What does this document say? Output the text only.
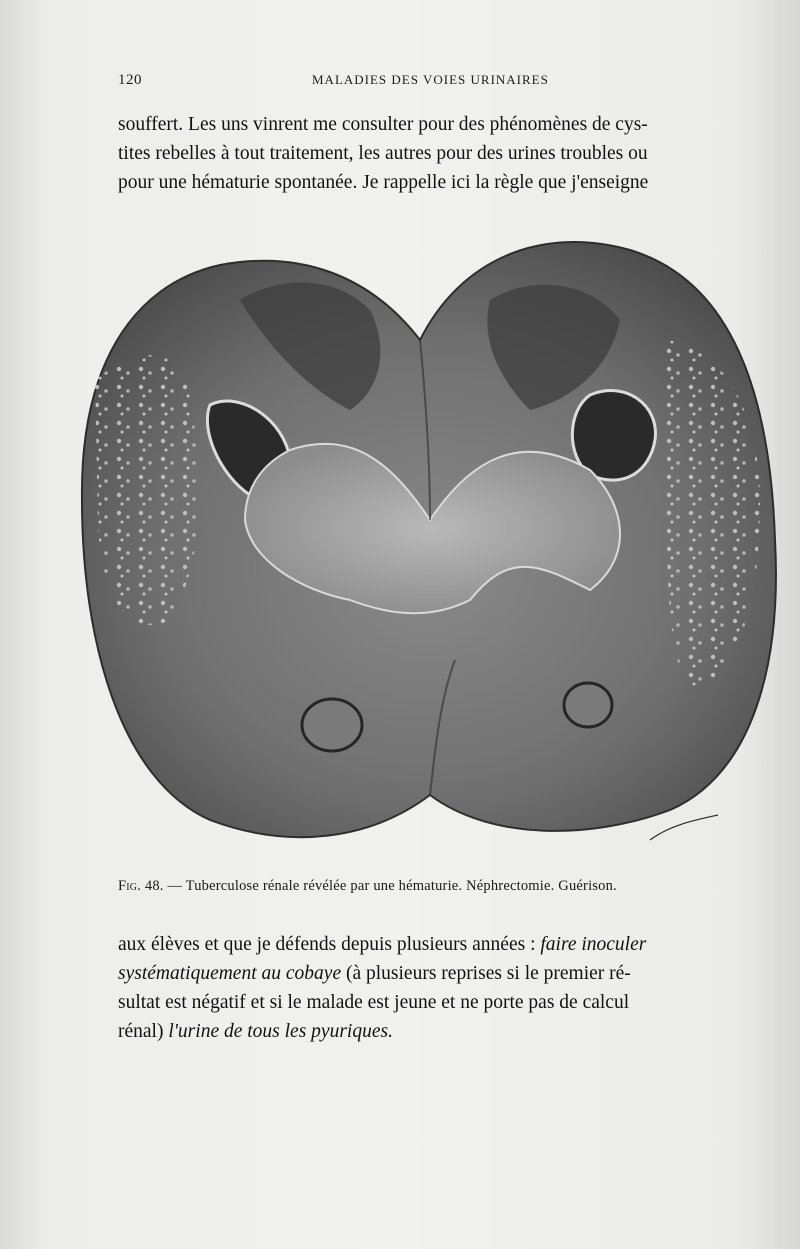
120	MALADIES DES VOIES URINAIRES
souffert. Les uns vinrent me consulter pour des phénomènes de cys-
tites rebelles à tout traitement, les autres pour des urines troubles ou
pour une hématurie spontanée. Je rappelle ici la règle que j'enseigne
Fig. 48. — Tuberculose rénale révélée par une hématurie. Néphrectomie. Guérison.
aux élèves et que je défends depuis plusieurs années : faire inoculer
systématiquement au cobaye (à plusieurs reprises si le premier ré-
sultat est négatif et si le malade est jeune et ne porte pas de calcul
rénal) l'urine de tous les pyuriques.
